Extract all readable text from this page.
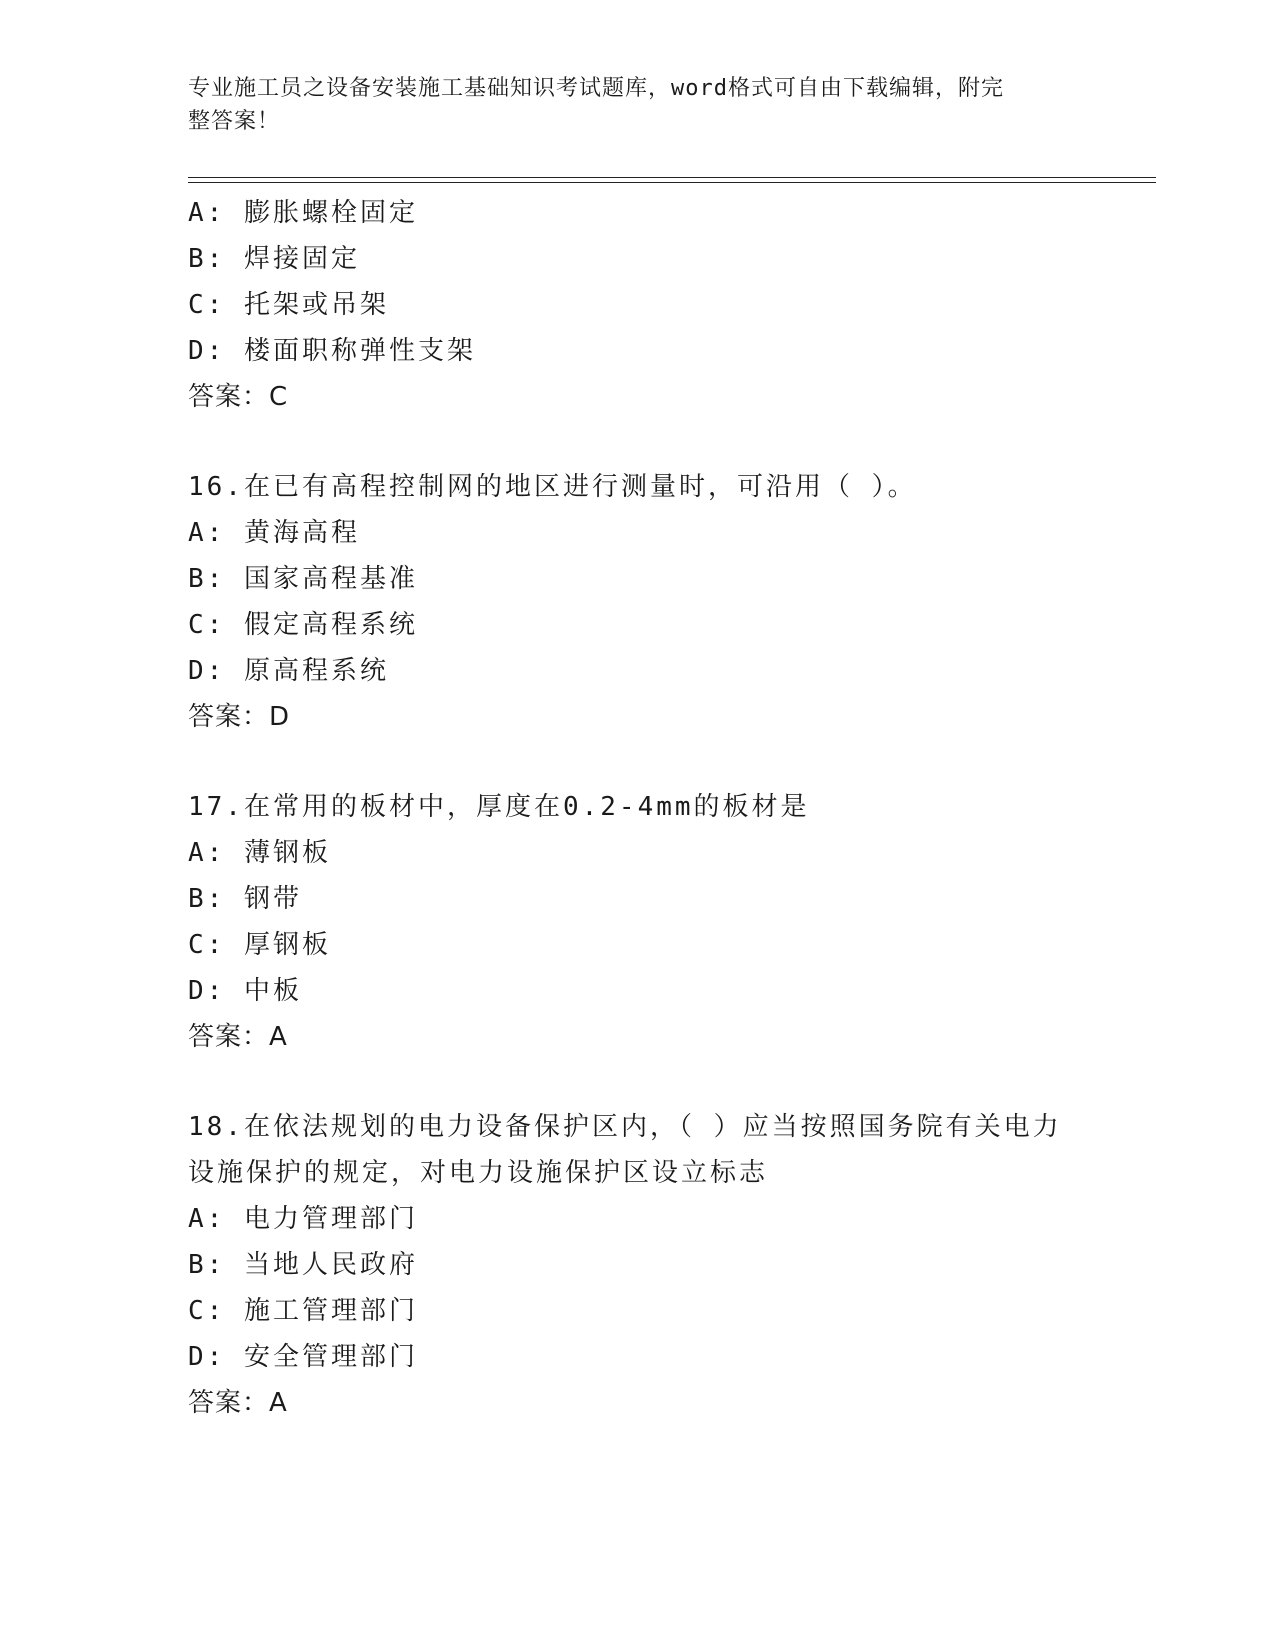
专业施工员之设备安装施工基础知识考试题库，word格式可自由下载编辑，附完
整答案！
A: 膨胀螺栓固定
B: 焊接固定
C: 托架或吊架
D: 楼面职称弹性支架
答案：C
16.在已有高程控制网的地区进行测量时，可沿用（ ）。
A: 黄海高程
B: 国家高程基准
C: 假定高程系统
D: 原高程系统
答案：D
17.在常用的板材中，厚度在0.2-4mm的板材是
A: 薄钢板
B: 钢带
C: 厚钢板
D: 中板
答案：A
18.在依法规划的电力设备保护区内，（ ）应当按照国务院有关电力
设施保护的规定，对电力设施保护区设立标志
A: 电力管理部门
B: 当地人民政府
C: 施工管理部门
D: 安全管理部门
答案：A
